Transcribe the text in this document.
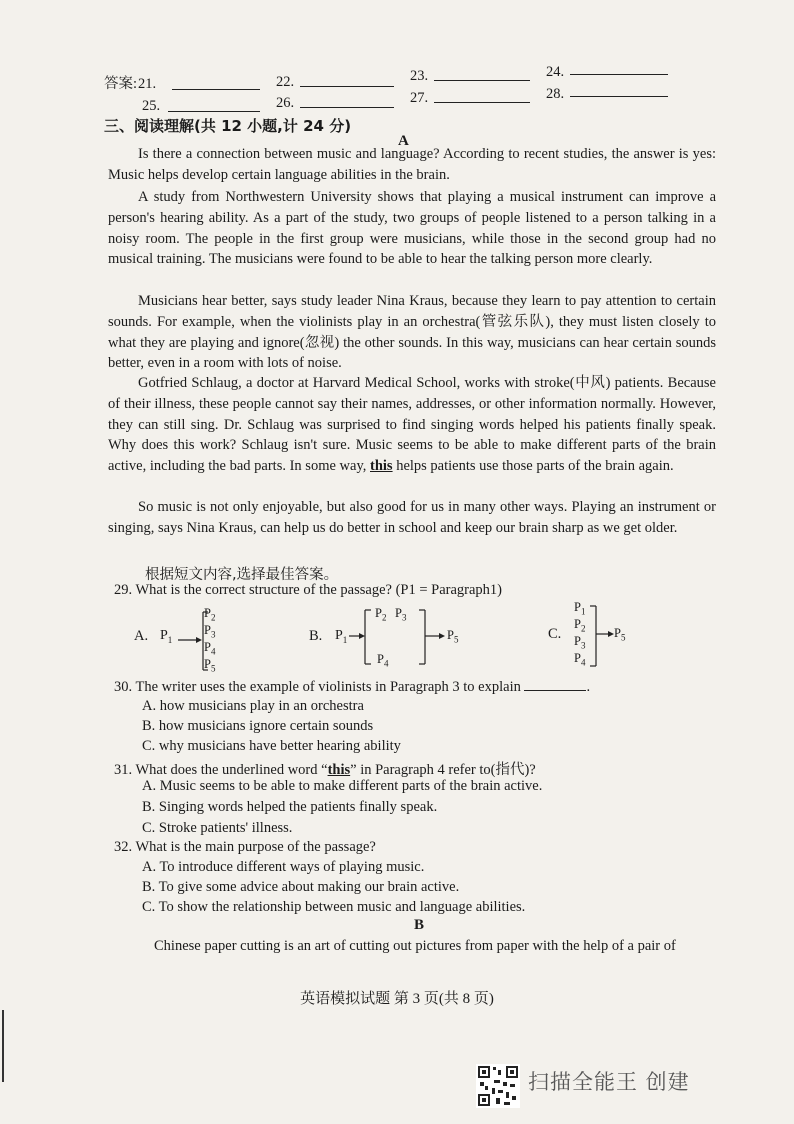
答案: 21.	22.	23.	24.
25.	26.	27.	28.
三、阅读理解(共 12 小题,计 24 分)
A
Is there a connection between music and language? According to recent studies, the answer is yes: Music helps develop certain language abilities in the brain.
A study from Northwestern University shows that playing a musical instrument can improve a person's hearing ability. As a part of the study, two groups of people listened to a person talking in a noisy room. The people in the first group were musicians, while those in the second group had no musical training. The musicians were found to be able to hear the talking person more clearly.
Musicians hear better, says study leader Nina Kraus, because they learn to pay attention to certain sounds. For example, when the violinists play in an orchestra(管弦乐队), they must listen closely to what they are playing and ignore(忽视) the other sounds. In this way, musicians can hear certain sounds better, even in a room with lots of noise.
Gotfried Schlaug, a doctor at Harvard Medical School, works with stroke(中风) patients. Because of their illness, these people cannot say their names, addresses, or other information normally. However, they can still sing. Dr. Schlaug was surprised to find singing words helped his patients finally speak. Why does this work? Schlaug isn't sure. Music seems to be able to make different parts of the brain active, including the bad parts. In some way, this helps patients use those parts of the brain again.
So music is not only enjoyable, but also good for us in many other ways. Playing an instrument or singing, says Nina Kraus, can help us do better in school and keep our brain sharp as we get older.
根据短文内容,选择最佳答案。
29. What is the correct structure of the passage? (P1 = Paragraph1)
A. $P_1$
$P_2$
$P_3$
$P_4$
$P_5$
B. $P_1$
$P_2$ $P_3$
$P_4$
$P_5$	C.
$P_1$
$P_2$
$P_3$
$P_4$
$P_5$
30. The writer uses the example of violinists in Paragraph 3 to explain	.
A. how musicians play in an orchestra
B. how musicians ignore certain sounds
C. why musicians have better hearing ability
31. What does the underlined word “this” in Paragraph 4 refer to(指代)?
A. Music seems to be able to make different parts of the brain active.
B. Singing words helped the patients finally speak.
C. Stroke patients' illness.
32. What is the main purpose of the passage?
A. To introduce different ways of playing music.
B. To give some advice about making our brain active.
C. To show the relationship between music and language abilities.
B
Chinese paper cutting is an art of cutting out pictures from paper with the help of a pair of
英语模拟试题 第 3 页(共 8 页)
扫描全能王 创建
